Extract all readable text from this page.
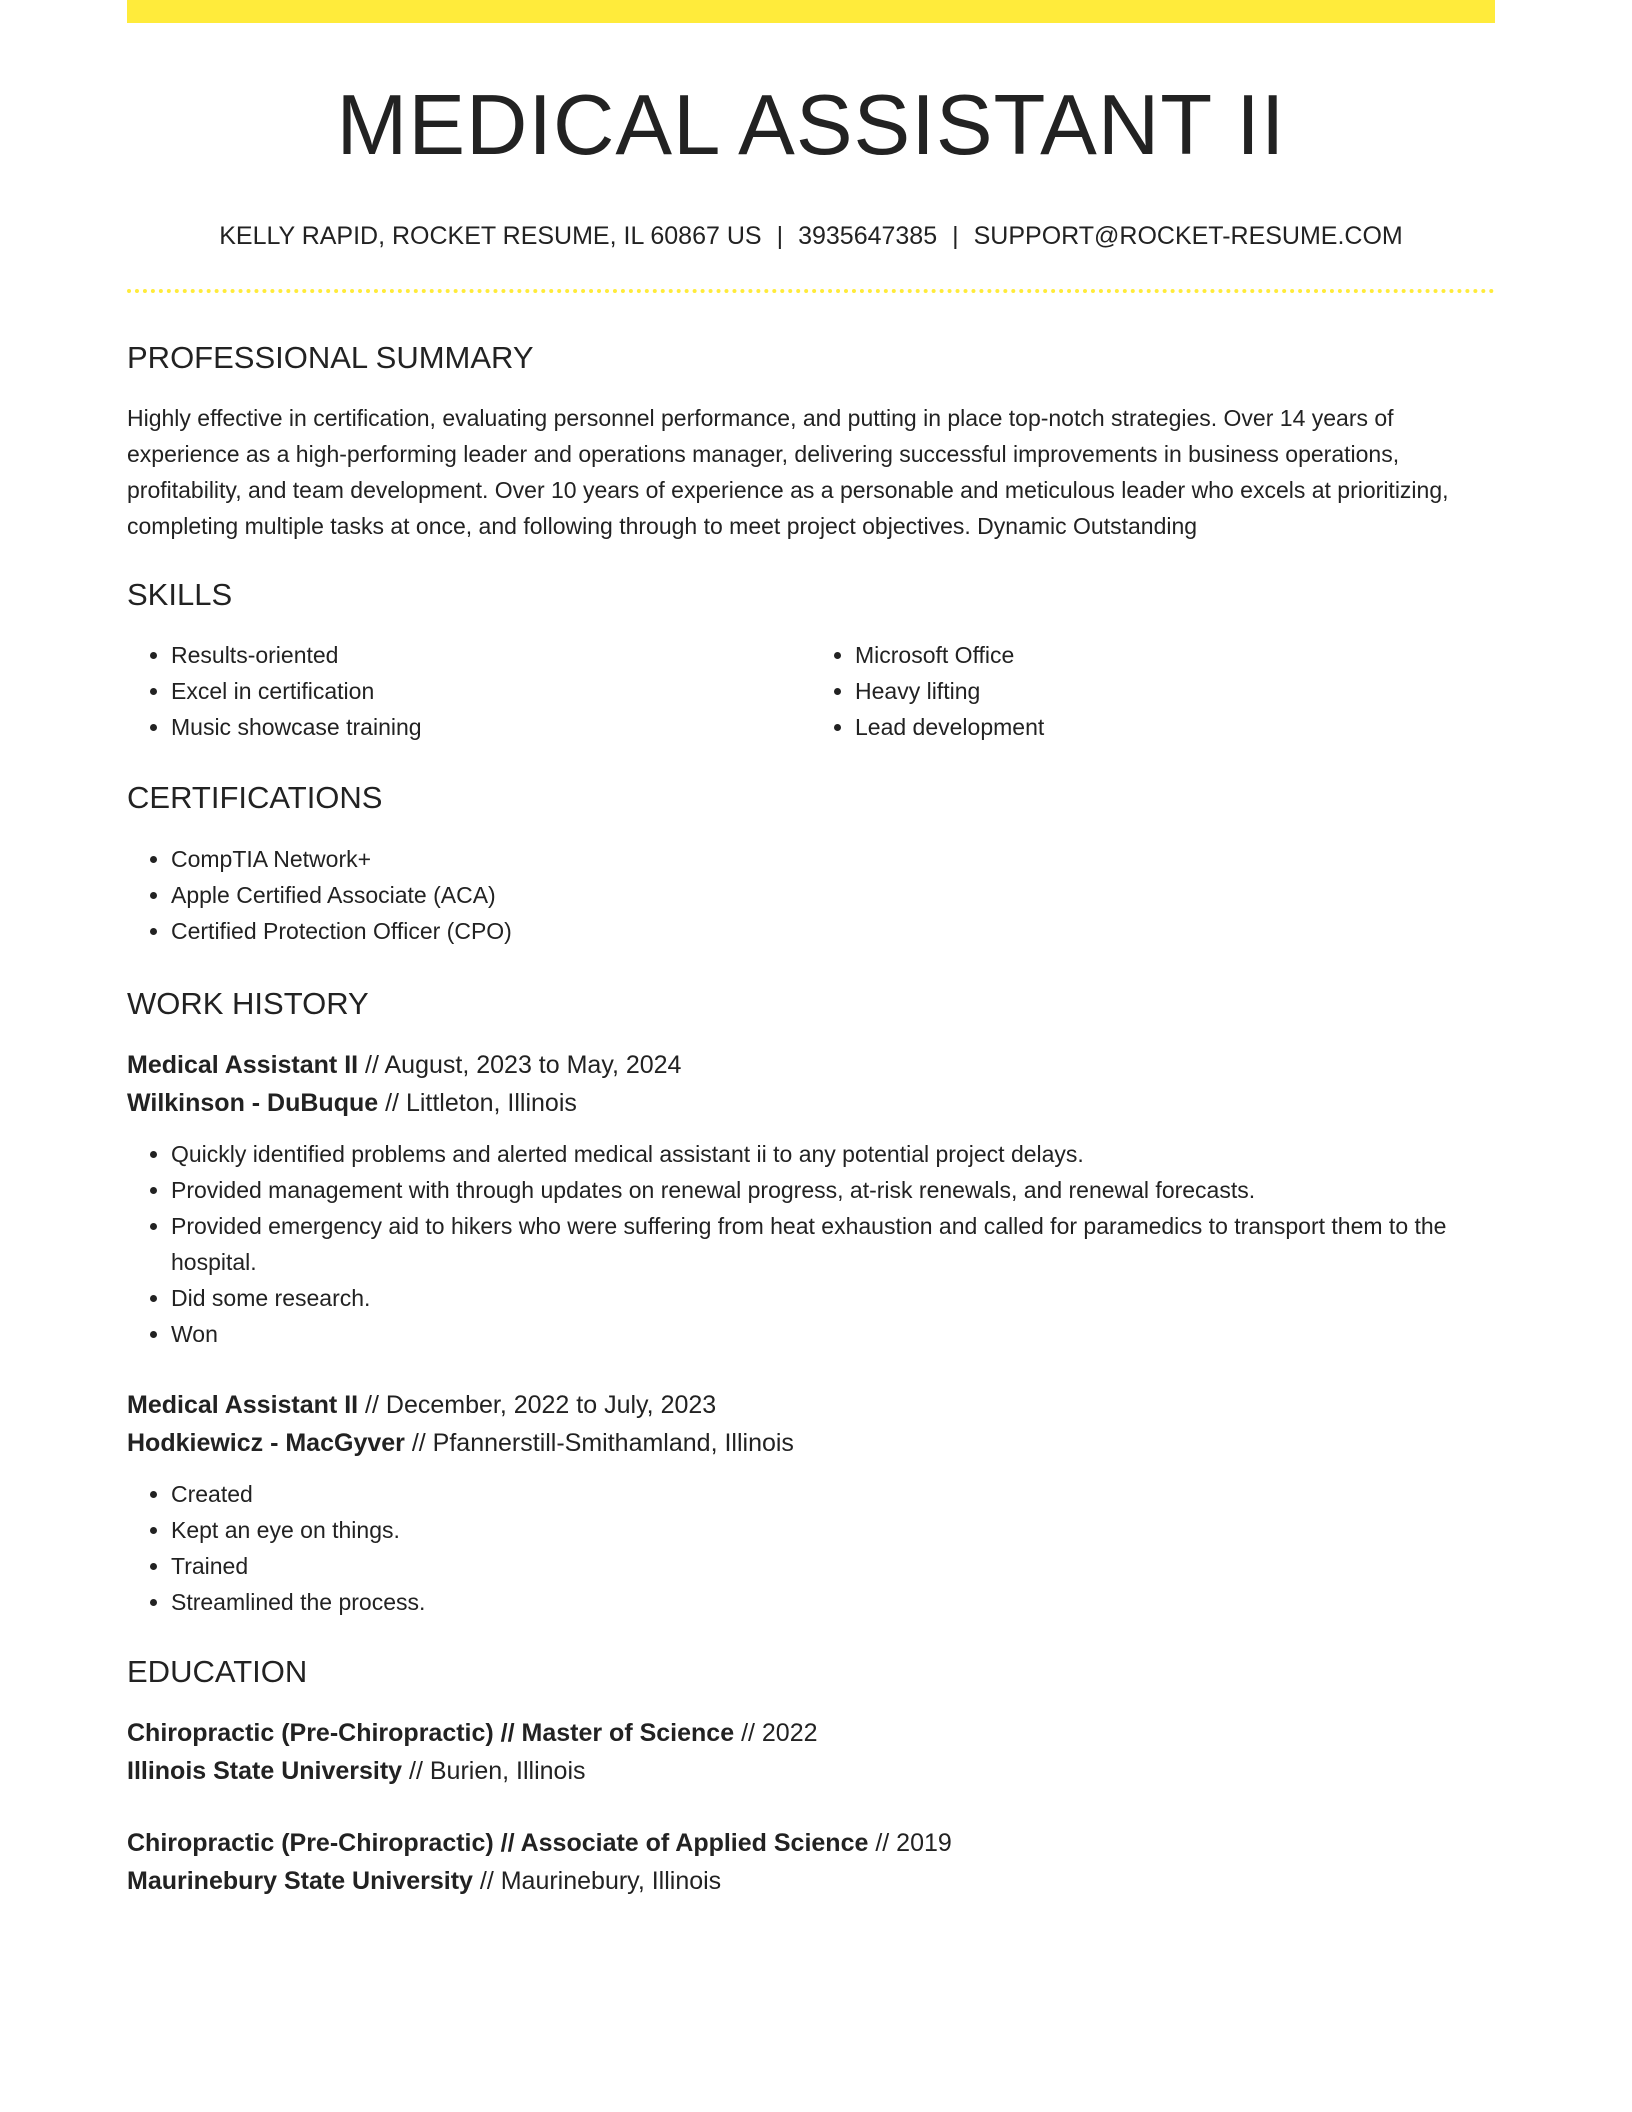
MEDICAL ASSISTANT II
KELLY RAPID, ROCKET RESUME, IL 60867 US | 3935647385 | SUPPORT@ROCKET-RESUME.COM
PROFESSIONAL SUMMARY
Highly effective in certification, evaluating personnel performance, and putting in place top-notch strategies. Over 14 years of experience as a high-performing leader and operations manager, delivering successful improvements in business operations, profitability, and team development. Over 10 years of experience as a personable and meticulous leader who excels at prioritizing, completing multiple tasks at once, and following through to meet project objectives. Dynamic Outstanding
SKILLS
• Results-oriented
• Excel in certification
• Music showcase training
• Microsoft Office
• Heavy lifting
• Lead development
CERTIFICATIONS
• CompTIA Network+
• Apple Certified Associate (ACA)
• Certified Protection Officer (CPO)
WORK HISTORY
Medical Assistant II // August, 2023 to May, 2024
Wilkinson - DuBuque // Littleton, Illinois
• Quickly identified problems and alerted medical assistant ii to any potential project delays.
• Provided management with through updates on renewal progress, at-risk renewals, and renewal forecasts.
• Provided emergency aid to hikers who were suffering from heat exhaustion and called for paramedics to transport them to the hospital.
• Did some research.
• Won
Medical Assistant II // December, 2022 to July, 2023
Hodkiewicz - MacGyver // Pfannerstill-Smithamland, Illinois
• Created
• Kept an eye on things.
• Trained
• Streamlined the process.
EDUCATION
Chiropractic (Pre-Chiropractic) // Master of Science // 2022
Illinois State University // Burien, Illinois
Chiropractic (Pre-Chiropractic) // Associate of Applied Science // 2019
Maurinebury State University // Maurinebury, Illinois
